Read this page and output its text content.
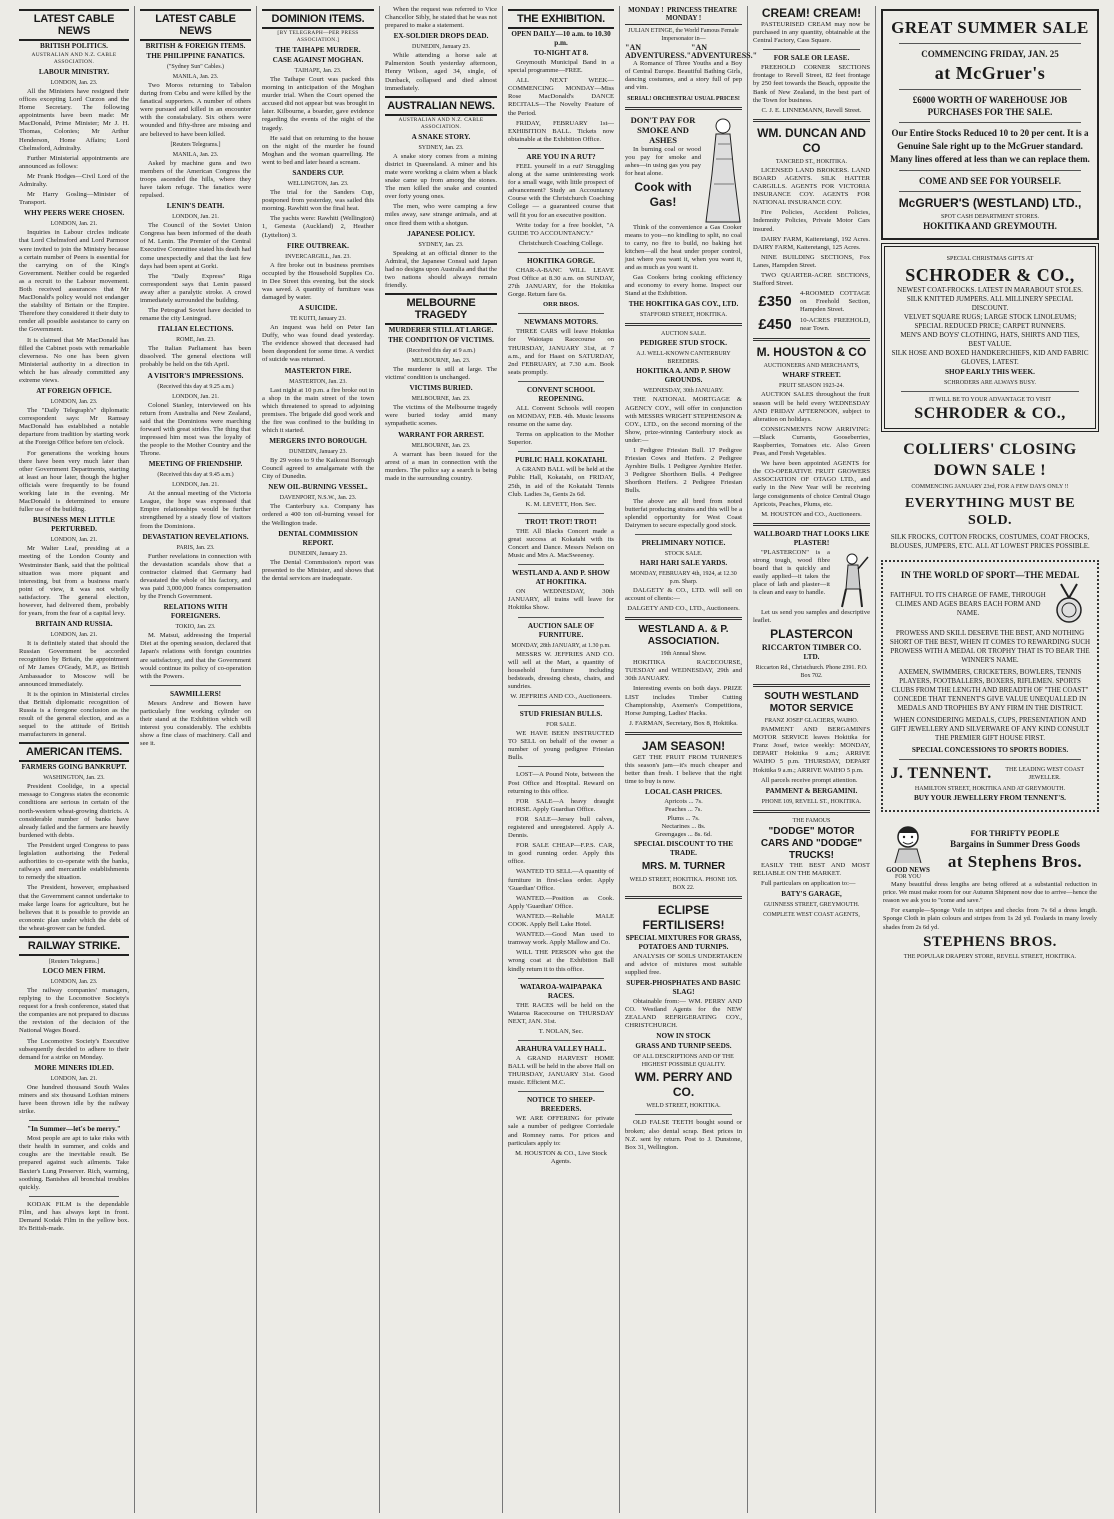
LATEST CABLE NEWS
BRITISH POLITICS.
AUSTRALIAN AND N.Z. CABLE ASSOCIATION.
LABOUR MINISTRY.
LONDON, Jan. 23.

All the Ministers have resigned their offices excepting Lord Curzon and the Home Secretary. The following appointments have been made: Mr MacDonald, Prime Minister; Mr J. H. Thomas, Colonies; Mr Arthur Henderson, Home Affairs; Lord Chelmsford, Admiralty.

Further Ministerial appointments are announced as follows:

Mr Frank Hodges—Civil Lord of the Admiralty.

Mr Harry Gosling—Minister of Transport.

WHY PEERS WERE CHOSEN.
LONDON, Jan. 21.

Inquiries in Labour circles indicate that Lord Chelmsford and Lord Parmoor were invited to join the Ministry because a certain number of Peers is essential for the carrying on of the King's Government. Neither could be regarded as a recruit to the Labour movement. Both received assurances that Mr MacDonald's policy would not endanger the stability of Britain or the Empire. Therefore they considered it their duty to render all possible assistance to carry on the Government.

It is claimed that Mr MacDonald has filled the Cabinet posts with remarkable cleverness. No one has been given Ministerial authority in a direction in which he has already committed any extreme views.

AT FOREIGN OFFICE.
LONDON, Jan. 23.

The "Daily Telegraph's" diplomatic correspondent says: Mr Ramsay MacDonald has established a notable departure from tradition by starting work at the Foreign Office before ten o'clock.

For generations the working hours there have been very much later than other Government Departments, starting at least an hour later, though the higher officials were frequently to be found working late in the evening. Mr MacDonald is determined to ensure fuller use of the building.

BUSINESS MEN LITTLE PERTURBED.
LONDON, Jan. 21.

Mr Walter Leaf, presiding at a meeting of the London County and Westminster Bank, said that the political situation was more piquant and interesting, but from a business man's point of view, it was not wholly satisfactory. The general election, however, had delivered them, probably for years, from the fear of a capital levy.

BRITAIN AND RUSSIA.
LONDON, Jan. 21.

It is definitely stated that should the Russian Government be accorded recognition by Britain, the appointment of Mr James O'Grady, M.P., as British Ambassador to Moscow will be announced immediately.

It is the opinion in Ministerial circles that British diplomatic recognition of Russia is a foregone conclusion as the result of the general election, and as a sequel to the attitude of British manufacturers in general.

AMERICAN ITEMS.
FARMERS GOING BANKRUPT.
WASHINGTON, Jan. 23.

President Coolidge, in a special message to Congress states the economic conditions are serious in certain of the north-western wheat-growing districts. A considerable number of banks have already failed and the farmers are heavily burdened with debts.

The President urged Congress to pass legislation authorising the Federal authorities to co-operate with the banks, railways and mercantile establishments to remedy the situation.

The President, however, emphasised that the Government cannot undertake to make large loans for agriculture, but he believes that it is possible to provide an economic plan under which the debt of the wheat-grower can be funded.

RAILWAY STRIKE.
[Reuters Telegrams.]
LOCO MEN FIRM.
LONDON, Jan. 23.

The railway companies' managers, replying to the Locomotive Society's request for a fresh conference, stated that the companies are not prepared to discuss the revision of the decision of the National Wages Board.

The Locomotive Society's Executive subsequently decided to adhere to their demand for a strike on Monday.

MORE MINERS IDLED.
LONDON, Jan. 21.

One hundred thousand South Wales miners and six thousand Lothian miners have been thrown idle by the railway strike.

"In Summer—let's be merry."

Most people are apt to take risks with their health in summer, and colds and coughs are the inevitable result. Be prepared against such ailments. Take Baxter's Lung Preserver. Rich, warming, soothing. Banishes all bronchial troubles quickly.

KODAK FILM is the dependable Film, and has always kept in front. Demand Kodak Film in the yellow box. It's British-made.

LATEST CABLE NEWS
BRITISH & FOREIGN ITEMS.
THE PHILIPPINE FANATICS.
("Sydney Sun" Cables.)
MANILA, Jan. 23.

Two Moros returning to Tabalon during from Cebu and were killed by the fanatical supporters. A number of others were pursued and killed in an encounter with the constabulary. Six others were wounded and fifty-three are missing and are believed to have been killed.

[Reuters Telegrams.]
MANILA, Jan. 23.

Asked by machine guns and two members of the American Congress the troops ascended the hills, where they have taken refuge. The fanatics were repulsed.

LENIN'S DEATH.
LONDON, Jan. 21.

The Council of the Soviet Union Congress has been informed of the death of M. Lenin. The Premier of the Central Executive Committee stated his death had come unexpectedly and that the last few days had been spent at Gorki.

The "Daily Express" Riga correspondent says that Lenin passed away after a paralytic stroke. A crowd immediately surrounded the building.

The Petrograd Soviet have decided to rename the city Leningrad.

ITALIAN ELECTIONS.
ROME, Jan. 23.

The Italian Parliament has been dissolved. The general elections will probably be held on the 6th April.

A VISITOR'S IMPRESSIONS.
(Received this day at 9.25 a.m.)
LONDON, Jan. 21.

Colonel Stanley, interviewed on his return from Australia and New Zealand, said that the Dominions were marching forward with great strides. The thing that impressed him most was the loyalty of the people to the Mother Country and the Throne.

MEETING OF FRIENDSHIP.
(Received this day at 9.45 a.m.)
LONDON, Jan. 21.

At the annual meeting of the Victoria League, the hope was expressed that Empire relationships would be further strengthened by a steady flow of visitors from the Dominions.

DEVASTATION REVELATIONS.
PARIS, Jan. 23.

Further revelations in connection with the devastation scandals show that a contractor claimed that Germany had devastated the whole of his factory, and was paid 3,000,000 francs compensation by the French Government.

RELATIONS WITH FOREIGNERS.
TOKIO, Jan. 23.

M. Matsui, addressing the Imperial Diet at the opening session, declared that Japan's relations with foreign countries are satisfactory, and that the Government would continue its policy of co-operation with the Powers.

SAWMILLERS!

Messrs Andrew and Bowen have particularly fine working cylinder on their stand at the Exhibition which will interest you considerably. The exhibits show a fine class of machinery. Call and see it.

DOMINION ITEMS.
[BY TELEGRAPH—PER PRESS ASSOCIATION.]
THE TAIHAPE MURDER.
CASE AGAINST MOGHAN.
TAIHAPE, Jan. 23.

The Taihape Court was packed this morning in anticipation of the Moghan murder trial. When the Court opened the accused did not appear but was brought in later. Kilbourne, a boarder, gave evidence regarding the events of the night of the tragedy.

He said that on returning to the house on the night of the murder he found Moghan and the woman quarrelling. He went to bed and later heard a scream.

SANDERS CUP.
WELLINGTON, Jan. 23.

The trial for the Sanders Cup, postponed from yesterday, was sailed this morning. Rawhiti won the final heat.

The yachts were: Rawhiti (Wellington) 1, Genesta (Auckland) 2, Heather (Lyttelton) 3.

FIRE OUTBREAK.
INVERCARGILL, Jan. 23.

A fire broke out in business premises occupied by the Household Supplies Co. in Dee Street this evening, but the stock was saved. A quantity of furniture was damaged by water.

A SUICIDE.
TE KUITI, January 23.

An inquest was held on Peter Ian Duffy, who was found dead yesterday. The evidence showed that deceased had been despondent for some time. A verdict of suicide was returned.

MASTERTON FIRE.
MASTERTON, Jan. 23.

Last night at 10 p.m. a fire broke out in a shop in the main street of the town which threatened to spread to adjoining premises. The brigade did good work and the fire was confined to the building in which it started.

MERGERS INTO BOROUGH.
DUNEDIN, January 23.

By 29 votes to 9 the Kaikorai Borough Council agreed to amalgamate with the City of Dunedin.

NEW OIL-BURNING VESSEL.
DAVENPORT, N.S.W., Jan. 23.

The Canterbury s.s. Company has ordered a 400 ton oil-burning vessel for the Wellington trade.

DENTAL COMMISSION REPORT.
DUNEDIN, January 23.

The Dental Commission's report was presented to the Minister, and shows that the dental services are inadequate.

When the request was referred to Vice Chancellor Sibly, he stated that he was not prepared to make a statement.

EX-SOLDIER DROPS DEAD.
DUNEDIN, January 23.

While attending a horse sale at Palmerston South yesterday afternoon, Henry Wilson, aged 34, single, of Dunback, collapsed and died almost immediately.

AUSTRALIAN NEWS.
AUSTRALIAN AND N.Z. CABLE ASSOCIATION.
A SNAKE STORY.
SYDNEY, Jan. 23.

A snake story comes from a mining district in Queensland. A miner and his mate were working a claim when a black snake came up from among the stones. The men killed the snake and counted over forty young ones.

The men, who were camping a few miles away, saw strange animals, and at once fired them with a shotgun.

JAPANESE POLICY.
SYDNEY, Jan. 23.

Speaking at an official dinner to the Admiral, the Japanese Consul said Japan had no designs upon Australia and that the two nations should always remain friendly.

MELBOURNE TRAGEDY
MURDERER STILL AT LARGE.
THE CONDITION OF VICTIMS.
(Received this day at 9 a.m.)
MELBOURNE, Jan. 23.

The murderer is still at large. The victims' condition is unchanged.

VICTIMS BURIED.
MELBOURNE, Jan. 23.

The victims of the Melbourne tragedy were buried today amid many sympathetic scenes.

WARRANT FOR ARREST.
MELBOURNE, Jan. 23.

A warrant has been issued for the arrest of a man in connection with the murders. The police say a search is being made in the surrounding country.

THE EXHIBITION.
OPEN DAILY—10 a.m. to 10.30 p.m.
TO-NIGHT AT 8.

Greymouth Municipal Band in a special programme—FREE.

ALL NEXT WEEK—COMMENCING MONDAY—Miss Rose MacDonald's DANCE RECITALS—The Novelty Feature of the Period.

FRIDAY, FEBRUARY 1st—EXHIBITION BALL. Tickets now obtainable at the Exhibition Office.

ARE YOU IN A RUT?

FEEL yourself in a rut? Struggling along at the same uninteresting work for a small wage, with little prospect of advancement? Study an Accountancy Course with the Christchurch Coaching College — a guaranteed course that will fit you for an executive position.

Write today for a free booklet, "A GUIDE TO ACCOUNTANCY."

Christchurch Coaching College.
HOKITIKA GORGE.

CHAR-A-BANC WILL LEAVE Post Office at 8.30 a.m. on SUNDAY, 27th JANUARY, for the Hokitika Gorge. Return fare 6s.

ORR BROS.
NEWMANS MOTORS.

THREE CARS will leave Hokitika for Waiotapu Racecourse on THURSDAY, JANUARY 31st, at 7 a.m., and for Haast on SATURDAY, 2nd FEBRUARY, at 7.30 a.m. Book seats promptly.

CONVENT SCHOOL REOPENING.

ALL Convent Schools will reopen on MONDAY, FEB. 4th. Music lessons resume on the same day.

Terms on application to the Mother Superior.

PUBLIC HALL KOKATAHI.

A GRAND BALL will be held at the Public Hall, Kokatahi, on FRIDAY, 25th, in aid of the Kokatahi Tennis Club. Ladies 3s, Gents 2s 6d.

K. M. LEVETT, Hon. Sec.
TROT! TROT! TROT!

THE All Blacks Concert made a great success at Kokatahi with its Concert and Dance. Messrs Nelson on Music and Mrs A. MacSweeney.

WESTLAND A. AND P. SHOW AT HOKITIKA.

ON WEDNESDAY, 30th JANUARY, all trains will leave for Hokitika Show.

AUCTION SALE OF FURNITURE.
MONDAY, 28th JANUARY, at 1.30 p.m.

MESSRS W. JEFFRIES AND CO. will sell at the Mart, a quantity of household furniture including bedsteads, dressing chests, chairs, and sundries.

W. JEFFRIES AND CO., Auctioneers.
STUD FRIESIAN BULLS.
FOR SALE.

WE HAVE BEEN INSTRUCTED TO SELL on behalf of the owner a number of young pedigree Friesian Bulls.

LOST—A Pound Note, between the Post Office and Hospital. Reward on returning to this office.

FOR SALE—A heavy draught HORSE. Apply Guardian Office.

FOR SALE—Jersey bull calves, registered and unregistered. Apply A. Dennis.

FOR SALE CHEAP—F.P.S. CAR, in good running order. Apply this office.

WANTED TO SELL—A quantity of furniture in first-class order. Apply 'Guardian' Office.

WANTED.—Position as Cook. Apply 'Guardian' Office.

WANTED.—Reliable MALE COOK. Apply Bell Lake Hotel.

WANTED.—Good Man used to tramway work. Apply Mallow and Co.

WILL THE PERSON who got the wrong coat at the Exhibition Ball kindly return it to this office.

WATAROA-WAIPAPAKA RACES.

THE RACES will be held on the Wataroa Racecourse on THURSDAY NEXT, JAN. 31st.

T. NOLAN, Sec.
ARAHURA VALLEY HALL.

A GRAND HARVEST HOME BALL will be held in the above Hall on THURSDAY, JANUARY 31st. Good music. Efficient M.C.

NOTICE TO SHEEP-BREEDERS.

WE ARE OFFERING for private sale a number of pedigree Corriedale and Romney rams. For prices and particulars apply to:

M. HOUSTON & CO., Live Stock Agents.
MONDAY ! PRINCESS THEATRE  MONDAY !
JULIAN ETINGE, the World Famous Female Impersonator in—
"AN ADVENTURESS."
"AN ADVENTURESS."

A Romance of Three Youths and a Boy of Central Europe. Beautiful Bathing Girls, dancing costumes, and a story full of pep and vim.

SERIAL! ORCHESTRA! USUAL PRICES!
DON'T PAY FOR SMOKE AND ASHES

In burning coal or wood you pay for smoke and ashes—in using gas you pay for heat alone.

Cook with Gas!

Think of the convenience a Gas Cooker means to you—no kindling to split, no coal to carry, no fire to build, no baking hot kitchen—all the heat under proper control, just where you want it, when you want it, and as much as you want it.

Gas Cookers bring cooking efficiency and economy to every home. Inspect our Stand at the Exhibition.

THE HOKITIKA GAS COY., LTD.
STAFFORD STREET, HOKITIKA.
AUCTION SALE.
PEDIGREE STUD STOCK.
A.J. WELL-KNOWN CANTERBURY BREEDERS.
HOKITIKA A. AND P. SHOW GROUNDS.
WEDNESDAY, 30th JANUARY.

THE NATIONAL MORTGAGE & AGENCY COY., will offer in conjunction with MESSRS WRIGHT STEPHENSON & COY., LTD., on the second morning of the Show, prize-winning Canterbury stock as under:—

1 Pedigree Friesian Bull. 17 Pedigree Friesian Cows and Heifers. 2 Pedigree Ayrshire Bulls. 1 Pedigree Ayrshire Heifer. 3 Pedigree Shorthorn Bulls. 4 Pedigree Shorthorn Heifers. 2 Pedigree Friesian Bulls.

The above are all bred from noted butterfat producing strains and this will be a splendid opportunity for West Coast Dairymen to secure especially good stock.

PRELIMINARY NOTICE.
STOCK SALE.
HARI HARI SALE YARDS.
MONDAY, FEBRUARY 4th, 1924, at 12.30 p.m. Sharp.

DALGETY & CO., LTD. will sell on account of clients:—

DALGETY AND CO., LTD., Auctioneers.
WESTLAND A. & P. ASSOCIATION.
19th Annual Show.

HOKITIKA RACECOURSE, TUESDAY and WEDNESDAY, 29th and 30th JANUARY.

Interesting events on both days. PRIZE LIST includes Timber Cutting Championship, Axemen's Competitions, Horse Jumping, Ladies' Hacks.

J. FARMAN, Secretary, Box 8, Hokitika.
JAM SEASON!

GET THE FRUIT FROM TURNER'S this season's jam—it's much cheaper and better than fresh. I believe that the right time to buy is now.

LOCAL CASH PRICES.
Apricots ... 7s.
Peaches ... 7s.
Plums ... 7s.
Nectarines ... 8s.
Greengages ... 8s. 6d.
SPECIAL DISCOUNT TO THE TRADE.
MRS. M. TURNER
WELD STREET, HOKITIKA. PHONE 105. BOX 22.
ECLIPSE FERTILISERS!
SPECIAL MIXTURES FOR GRASS, POTATOES AND TURNIPS.

ANALYSIS OF SOILS UNDERTAKEN and advice of mixtures most suitable supplied free.

SUPER-PHOSPHATES AND BASIC SLAG!

Obtainable from:— WM. PERRY AND CO. Westland Agents for the NEW ZEALAND REFRIGERATING COY., CHRISTCHURCH.

NOW IN STOCK
GRASS AND TURNIP SEEDS.
OF ALL DESCRIPTIONS AND OF THE HIGHEST POSSIBLE QUALITY.
WM. PERRY AND CO.
WELD STREET, HOKITIKA.

OLD FALSE TEETH bought sound or broken; also dental scrap. Best prices in N.Z. sent by return. Post to J. Dunstone, Box 31, Wellington.

CREAM! CREAM!

PASTEURISED CREAM may now be purchased in any quantity, obtainable at the Central Factory, Cass Square.

FOR SALE OR LEASE.

FREEHOLD CORNER SECTIONS frontage to Revell Street, 82 feet frontage by 250 feet towards the Beach, opposite the Bank of New Zealand, in the best part of the Town for business.

C. J. E. LINNEMANN, Revell Street.
WM. DUNCAN AND CO
TANCRED ST., HOKITIKA.

LICENSED LAND BROKERS. LAND BOARD AGENTS. SILK HATTER CARGILLS. AGENTS FOR VICTORIA INSURANCE COY. AGENTS FOR NATIONAL INSURANCE COY.

Fire Policies, Accident Policies, Indemnity Policies, Private Motor Cars insured.

DAIRY FARM, Kaiteretangi, 192 Acres. DAIRY FARM, Kaiteretangi, 125 Acres.

NINE BUILDING SECTIONS, Fox Lanes, Hampden Street.

TWO QUARTER-ACRE SECTIONS, Stafford Street.

£350	4-ROOMED COTTAGE on Freehold Section, Hampden Street.
£450	10-ACRES FREEHOLD, near Town.
M. HOUSTON & CO
AUCTIONEERS AND MERCHANTS,
WHARF STREET.
FRUIT SEASON 1923-24.

AUCTION SALES throughout the fruit season will be held every WEDNESDAY AND FRIDAY AFTERNOON, subject to alteration on holidays.

CONSIGNMENTS NOW ARRIVING:—Black Currants, Gooseberries, Raspberries, Tomatoes etc. Also Green Peas, and Fresh Vegetables.

We have been appointed AGENTS for the CO-OPERATIVE FRUIT GROWERS ASSOCIATION OF OTAGO LTD., and early in the New Year will be receiving large consignments of choice Central Otago Apricots, Peaches, Plums, etc.

M. HOUSTON and CO., Auctioneers.
WALLBOARD THAT LOOKS LIKE PLASTER!

"PLASTERCON" is a strong tough, wood fibre board that is quickly and easily applied—it takes the place of lath and plaster—it is clean and easy to handle.

Let us send you samples and descriptive leaflet.

PLASTERCON
RICCARTON TIMBER CO.
LTD.
Riccarton Rd., Christchurch. Phone 2391. P.O. Box 702.
SOUTH WESTLAND MOTOR SERVICE
FRANZ JOSEF GLACIERS, WAIHO.

PAMMENT AND BERGAMINI'S MOTOR SERVICE leaves Hokitika for Franz Josef, twice weekly: MONDAY, DEPART Hokitika 9 a.m.; ARRIVE WAIHO 5 p.m. THURSDAY, DEPART Hokitika 9 a.m.; ARRIVE WAIHO 5 p.m.

All parcels receive prompt attention.

PAMMENT & BERGAMINI.
PHONE 109, REVELL ST., HOKITIKA.
THE FAMOUS
"DODGE" MOTOR CARS AND "DODGE" TRUCKS!

EASILY THE BEST AND MOST RELIABLE ON THE MARKET.

Full particulars on application to:—

BATY'S GARAGE,
GUINNESS STREET, GREYMOUTH.
COMPLETE WEST COAST AGENTS,
GREAT SUMMER SALE
COMMENCING FRIDAY, JAN. 25
at McGruer's
£6000 WORTH OF WAREHOUSE JOB PURCHASES FOR THE SALE.
Our Entire Stocks Reduced 10 to 20 per cent. It is a Genuine Sale right up to the McGruer standard. Many lines offered at less than we can replace them.
COME AND SEE FOR YOURSELF.
McGRUER'S (WESTLAND) LTD.,
SPOT CASH DEPARTMENT STORES.
HOKITIKA AND GREYMOUTH.
SPECIAL CHRISTMAS GIFTS AT
SCHRODER & CO.,
NEWEST COAT-FROCKS. LATEST IN MARABOUT STOLES. SILK KNITTED JUMPERS. ALL MILLINERY SPECIAL DISCOUNT.
VELVET SQUARE RUGS; LARGE STOCK LINOLEUMS; SPECIAL REDUCED PRICE; CARPET RUNNERS.
MEN'S AND BOYS' CLOTHING, HATS, SHIRTS AND TIES, BEST VALUE.
SILK HOSE AND BOXED HANDKERCHIEFS, KID AND FABRIC GLOVES, LATEST.
SHOP EARLY THIS WEEK.
SCHRODERS ARE ALWAYS BUSY.
IT WILL BE TO YOUR ADVANTAGE TO VISIT
SCHRODER & CO.,
COLLIERS' CLOSING DOWN SALE !
COMMENCING JANUARY 23rd, FOR A FEW DAYS ONLY !!
EVERYTHING MUST BE SOLD.
SILK FROCKS, COTTON FROCKS, COSTUMES, COAT FROCKS, BLOUSES, JUMPERS, ETC. ALL AT LOWEST PRICES POSSIBLE.
IN THE WORLD OF SPORT—THE MEDAL
FAITHFUL TO ITS CHARGE OF FAME, THROUGH CLIMES AND AGES BEARS EACH FORM AND NAME.
PROWESS AND SKILL DESERVE THE BEST, AND NOTHING SHORT OF THE BEST, WHEN IT COMES TO REWARDING SUCH PROWESS WITH A MEDAL OR TROPHY THAT IS TO BEAR THE WINNER'S NAME.
AXEMEN, SWIMMERS, CRICKETERS, BOWLERS, TENNIS PLAYERS, FOOTBALLERS, BOXERS, RIFLEMEN. SPORTS CLUBS FROM THE LENGTH AND BREADTH OF "THE COAST" CONCEDE THAT TENNENT'S GIVE VALUE UNEQUALLED IN MEDALS AND TROPHIES BY ANY FIRM IN THE DISTRICT.
WHEN CONSIDERING MEDALS, CUPS, PRESENTATION AND GIFT JEWELLERY AND SILVERWARE OF ANY KIND CONSULT THE PREMIER GIFT HOUSE FIRST.
SPECIAL CONCESSIONS TO SPORTS BODIES.
J. TENNENT.	THE LEADING WEST COAST JEWELLER.
HAMILTON STREET, HOKITIKA AND AT GREYMOUTH.
BUY YOUR JEWELLERY FROM TENNENT'S.
GOOD NEWS
FOR YOU
FOR THRIFTY PEOPLE
Bargains in Summer Dress Goods
at Stephens Bros.

Many beautiful dress lengths are being offered at a substantial reduction in price. We must make room for our Autumn Shipment now due to arrive—hence the reason we ask you to "come and save."

For example—Sponge Voile in stripes and checks from 7s 6d a dress length. Sponge Cloth in plain colours and stripes from 1s 2d yd. Foulards in many lovely shades from 2s 6d yd.

STEPHENS BROS.
THE POPULAR DRAPERY STORE, REVELL STREET, HOKITIKA.
